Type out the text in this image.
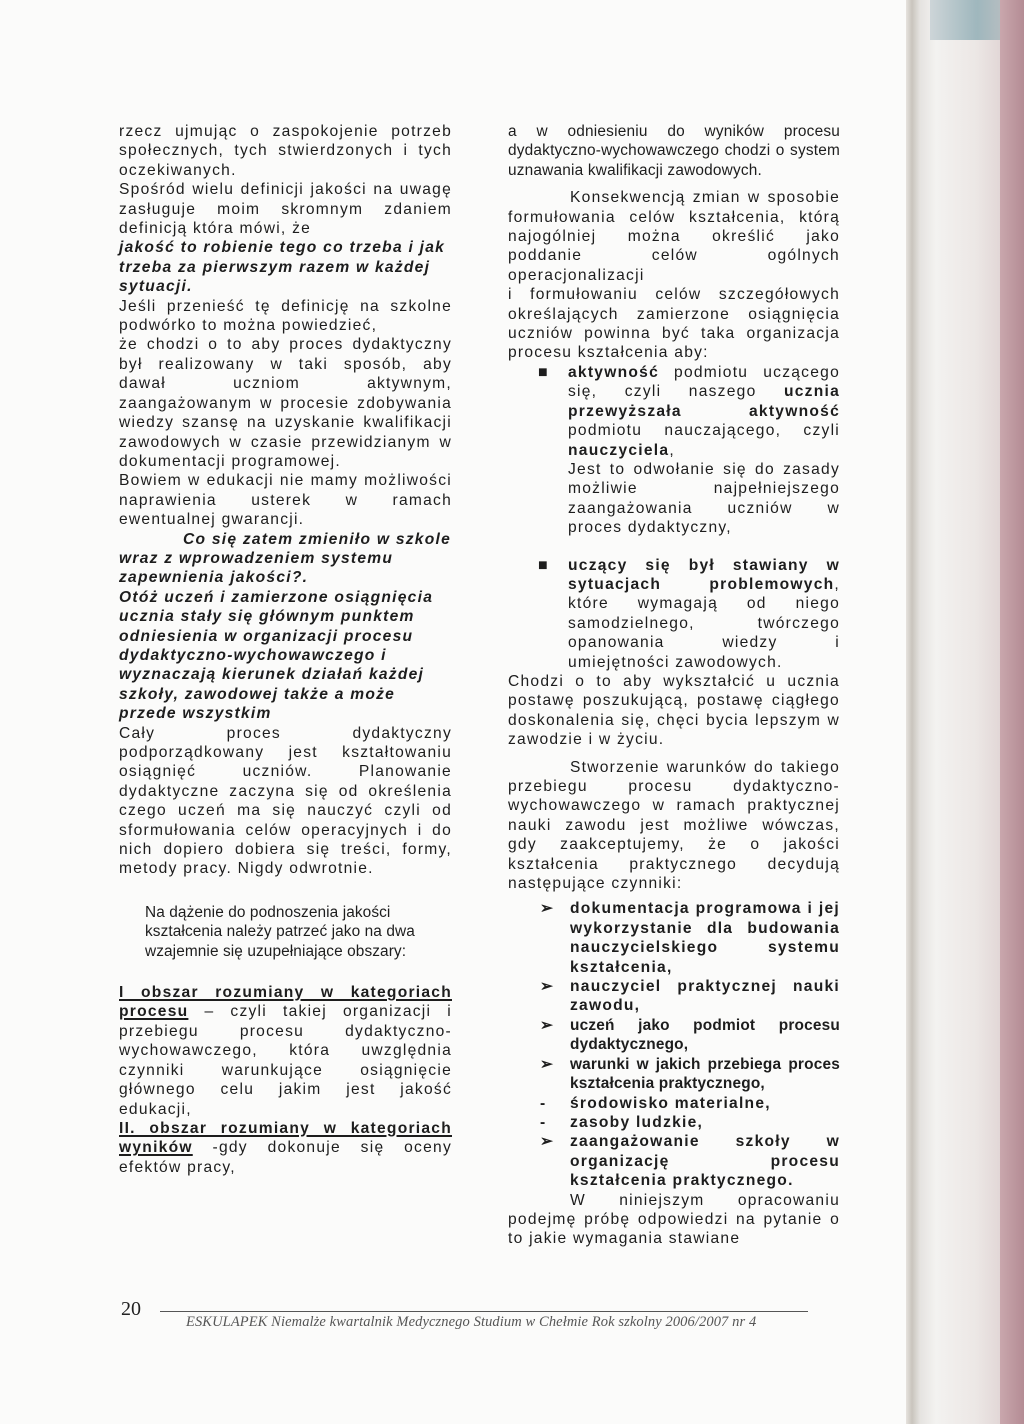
rzecz ujmując o zaspokojenie potrzeb społecznych, tych stwierdzonych i tych oczekiwanych.

Spośród wielu definicji jakości na uwagę zasługuje moim skromnym zdaniem definicją która mówi, że

jakość to robienie tego co trzeba i jak trzeba za pierwszym razem w każdej sytuacji.

Jeśli przenieść tę definicję na szkolne podwórko to można powiedzieć,

że chodzi o to aby proces dydaktyczny był realizowany w taki sposób, aby dawał uczniom aktywnym, zaangażowanym w procesie zdobywania wiedzy szansę na uzyskanie kwalifikacji zawodowych w czasie przewidzianym w dokumentacji programowej.

Bowiem w edukacji nie mamy możliwości naprawienia usterek w ramach ewentualnej gwarancji.

Co się zatem zmieniło w szkole wraz z wprowadzeniem systemu zapewnienia jakości?.

Otóż uczeń i zamierzone osiągnięcia ucznia stały się głównym punktem odniesienia w organizacji procesu dydaktyczno-wychowawczego i wyznaczają kierunek działań każdej szkoły, zawodowej także a może przede wszystkim

Cały proces dydaktyczny podporządkowany jest kształtowaniu osiągnięć uczniów. Planowanie dydaktyczne zaczyna się od określenia czego uczeń ma się nauczyć czyli od sformułowania celów operacyjnych i do nich dopiero dobiera się treści, formy, metody pracy. Nigdy odwrotnie.

Na dążenie do podnoszenia jakości kształcenia należy patrzeć jako na dwa wzajemnie się uzupełniające obszary:

I obszar rozumiany w kategoriach procesu – czyli takiej organizacji i przebiegu procesu dydaktyczno-wychowawczego, która uwzględnia czynniki warunkujące osiągnięcie głównego celu jakim jest jakość edukacji,

II. obszar rozumiany w kategoriach wyników -gdy dokonuje się oceny efektów pracy,

a w odniesieniu do wyników procesu dydaktyczno-wychowawczego chodzi o system uznawania kwalifikacji zawodowych.

Konsekwencją zmian w sposobie formułowania celów kształcenia, którą najogólniej można określić jako poddanie celów ogólnych operacjonalizacji

i formułowaniu celów szczegółowych określających zamierzone osiągnięcia uczniów powinna być taka organizacja procesu kształcenia aby:

■ aktywność podmiotu uczącego się, czyli naszego ucznia przewyższała aktywność podmiotu nauczającego, czyli nauczyciela,
Jest to odwołanie się do zasady możliwie najpełniejszego zaangażowania uczniów w proces dydaktyczny,
■ uczący się był stawiany w sytuacjach problemowych, które wymagają od niego samodzielnego, twórczego opanowania wiedzy i umiejętności zawodowych.

Chodzi o to aby wykształcić u ucznia postawę poszukującą, postawę ciągłego doskonalenia się, chęci bycia lepszym w zawodzie i w życiu.

Stworzenie warunków do takiego przebiegu procesu dydaktyczno-wychowawczego w ramach praktycznej nauki zawodu jest możliwe wówczas, gdy zaakceptujemy, że o jakości kształcenia praktycznego decydują następujące czynniki:

➢ dokumentacja programowa i jej wykorzystanie dla budowania nauczycielskiego systemu kształcenia,
➢ nauczyciel praktycznej nauki zawodu,
➢ uczeń jako podmiot procesu dydaktycznego,
➢ warunki w jakich przebiega proces kształcenia praktycznego,
- środowisko materialne,
- zasoby ludzkie,
➢ zaangażowanie szkoły w organizację procesu kształcenia praktycznego.

W niniejszym opracowaniu podejmę próbę odpowiedzi na pytanie o to jakie wymagania stawiane

20
ESKULAPEK Niemalże kwartalnik Medycznego Studium w Chełmie Rok szkolny 2006/2007 nr 4
